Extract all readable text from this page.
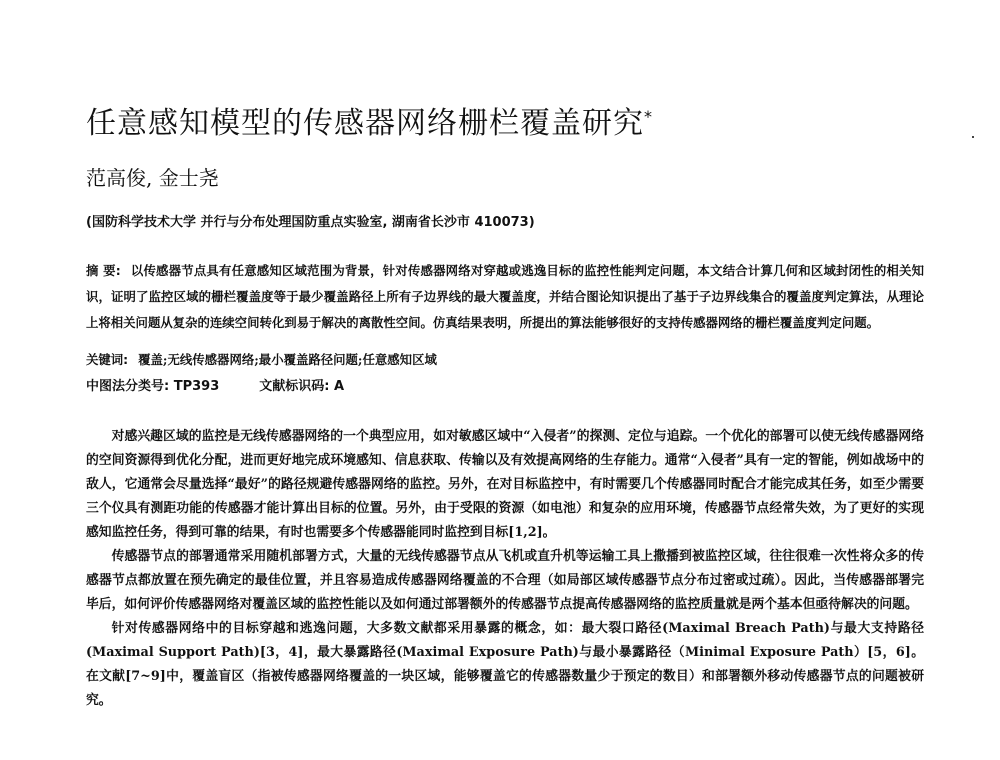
任意感知模型的传感器网络栅栏覆盖研究*
范高俊, 金士尧
(国防科学技术大学 并行与分布处理国防重点实验室, 湖南省长沙市 410073)
摘 要: 以传感器节点具有任意感知区域范围为背景，针对传感器网络对穿越或逃逸目标的监控性能判定问题，本文结合计算几何和区域封闭性的相关知识，证明了监控区域的栅栏覆盖度等于最少覆盖路径上所有子边界线的最大覆盖度，并结合图论知识提出了基于子边界线集合的覆盖度判定算法，从理论上将相关问题从复杂的连续空间转化到易于解决的离散性空间。仿真结果表明，所提出的算法能够很好的支持传感器网络的栅栏覆盖度判定问题。
关键词: 覆盖;无线传感器网络;最小覆盖路径问题;任意感知区域
中图法分类号: TP393	文献标识码: A

对感兴趣区域的监控是无线传感器网络的一个典型应用，如对敏感区域中“入侵者”的探测、定位与追踪。一个优化的部署可以使无线传感器网络的空间资源得到优化分配，进而更好地完成环境感知、信息获取、传输以及有效提高网络的生存能力。通常“入侵者”具有一定的智能，例如战场中的敌人，它通常会尽量选择“最好”的路径规避传感器网络的监控。另外，在对目标监控中，有时需要几个传感器同时配合才能完成其任务，如至少需要三个仪具有测距功能的传感器才能计算出目标的位置。另外，由于受限的资源（如电池）和复杂的应用环境，传感器节点经常失效，为了更好的实现感知监控任务，得到可靠的结果，有时也需要多个传感器能同时监控到目标[1,2]。

传感器节点的部署通常采用随机部署方式，大量的无线传感器节点从飞机或直升机等运输工具上撒播到被监控区域，往往很难一次性将众多的传感器节点都放置在预先确定的最佳位置，并且容易造成传感器网络覆盖的不合理（如局部区域传感器节点分布过密或过疏）。因此，当传感器部署完毕后，如何评价传感器网络对覆盖区域的监控性能以及如何通过部署额外的传感器节点提高传感器网络的监控质量就是两个基本但亟待解决的问题。

针对传感器网络中的目标穿越和逃逸问题，大多数文献都采用暴露的概念，如：最大裂口路径(Maximal Breach Path)与最大支持路径(Maximal Support Path)[3，4]，最大暴露路径(Maximal Exposure Path)与最小暴露路径（Minimal Exposure Path）[5，6]。在文献[7~9]中，覆盖盲区（指被传感器网络覆盖的一块区域，能够覆盖它的传感器数量少于预定的数目）和部署额外移动传感器节点的问题被研究。
